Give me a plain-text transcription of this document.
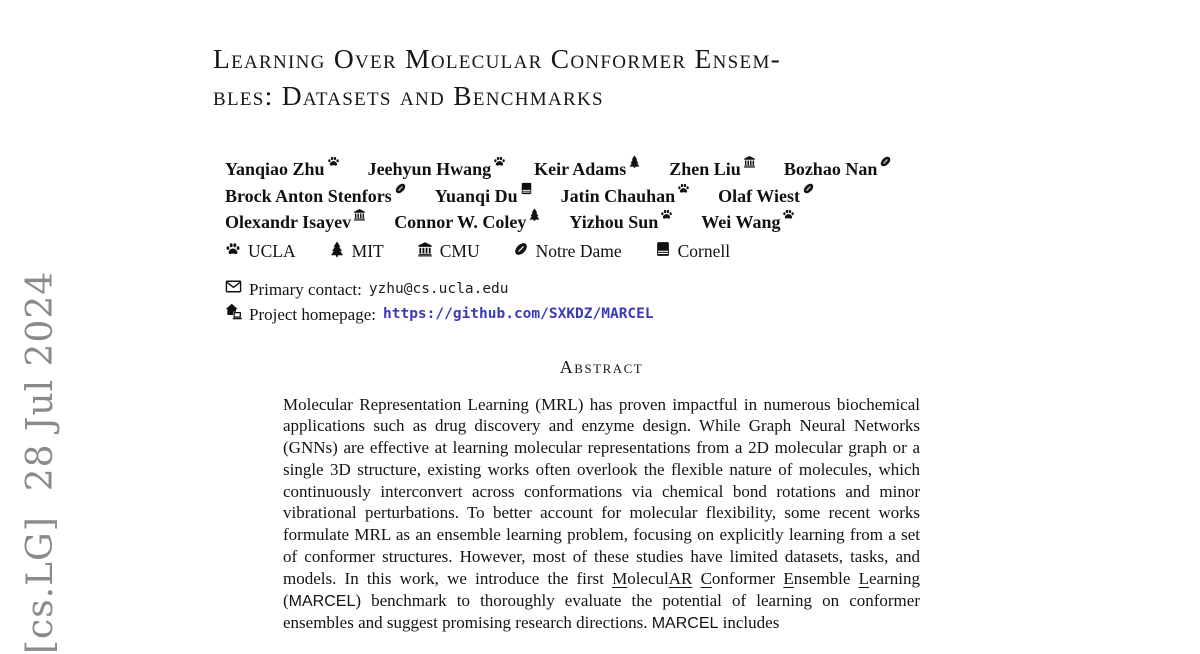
[cs.LG]  28 Jul 2024
Learning Over Molecular Conformer Ensem-
bles: Datasets and Benchmarks
Yanqiao Zhu Jeehyun Hwang Keir Adams Zhen Liu Bozhao Nan
Brock Anton Stenfors Yuanqi Du Jatin Chauhan Olaf Wiest
Olexandr Isayev Connor W. Coley Yizhou Sun Wei Wang
UCLA	MIT	CMU	Notre Dame	Cornell
Primary contact: yzhu@cs.ucla.edu
Project homepage: https://github.com/SXKDZ/MARCEL
Abstract

Molecular Representation Learning (MRL) has proven impactful in numerous biochemical applications such as drug discovery and enzyme design. While Graph Neural Networks (GNNs) are effective at learning molecular representations from a 2D molecular graph or a single 3D structure, existing works often overlook the flexible nature of molecules, which continuously interconvert across conformations via chemical bond rotations and minor vibrational perturbations. To better account for molecular flexibility, some recent works formulate MRL as an ensemble learning problem, focusing on explicitly learning from a set of conformer structures. However, most of these studies have limited datasets, tasks, and models. In this work, we introduce the first MoleculAR Conformer Ensemble Learning (MARCEL) benchmark to thoroughly evaluate the potential of learning on conformer ensembles and suggest promising research directions. MARCEL includes
